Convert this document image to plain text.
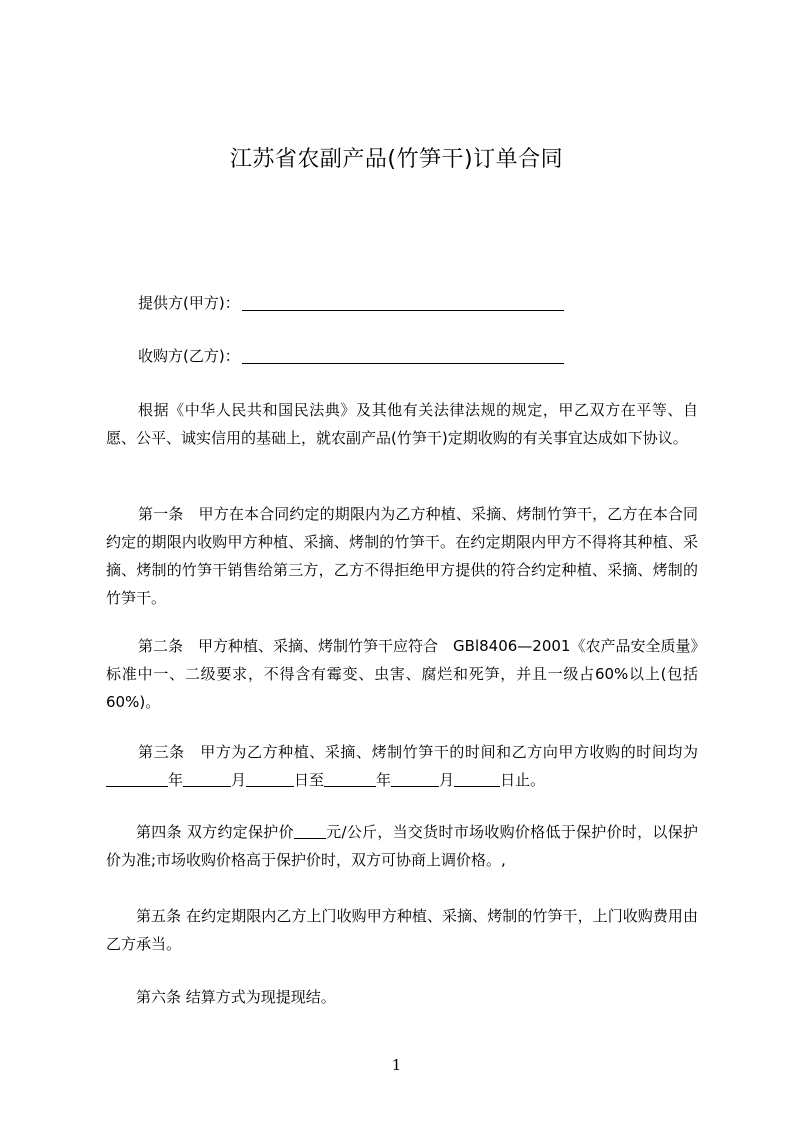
江苏省农副产品(竹笋干)订单合同
提供方(甲方)：
收购方(乙方)：
根据《中华人民共和国民法典》及其他有关法律法规的规定，甲乙双方在平等、自愿、公平、诚实信用的基础上，就农副产品(竹笋干)定期收购的有关事宜达成如下协议。
第一条　甲方在本合同约定的期限内为乙方种植、采摘、烤制竹笋干，乙方在本合同约定的期限内收购甲方种植、采摘、烤制的竹笋干。在约定期限内甲方不得将其种植、采摘、烤制的竹笋干销售给第三方，乙方不得拒绝甲方提供的符合约定种植、采摘、烤制的竹笋干。
第二条　甲方种植、采摘、烤制竹笋干应符合　GBl8406—2001《农产品安全质量》标准中一、二级要求，不得含有霉变、虫害、腐烂和死笋，并且一级占60%以上(包括60%)。
第三条　甲方为乙方种植、采摘、烤制竹笋干的时间和乙方向甲方收购的时间均为年	月	日至	年	月	日止。
第四条 双方约定保护价 元/公斤，当交货时市场收购价格低于保护价时，以保护价为准;市场收购价格高于保护价时，双方可协商上调价格。,
第五条 在约定期限内乙方上门收购甲方种植、采摘、烤制的竹笋干，上门收购费用由乙方承当。
第六条 结算方式为现提现结。
1
